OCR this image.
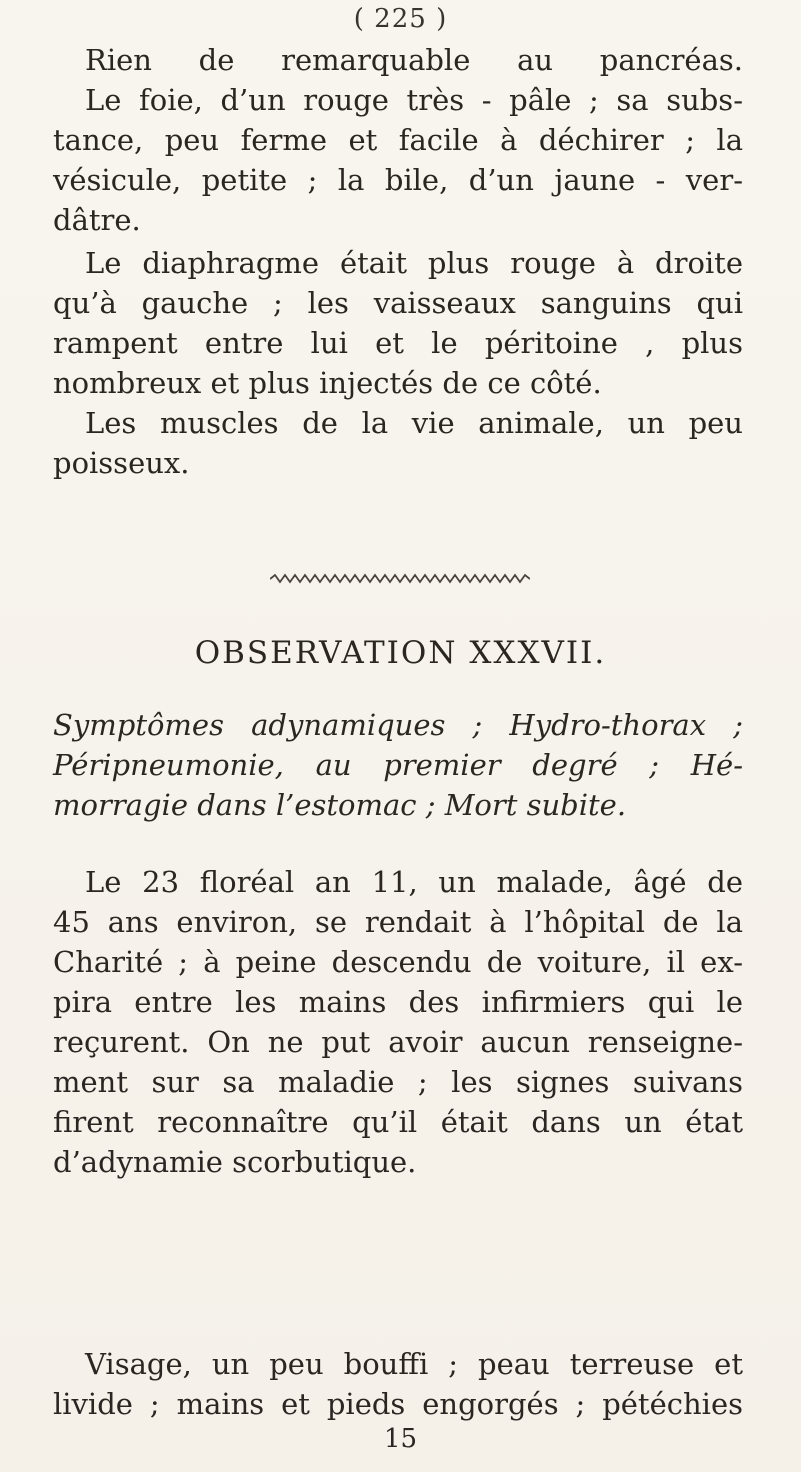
( 225 )
Rien de remarquable au pancréas.
Le foie, d’un rouge très - pâle ; sa subs-
tance, peu ferme et facile à déchirer ; la
vésicule, petite ; la bile, d’un jaune - ver-
dâtre.
Le diaphragme était plus rouge à droite
qu’à gauche ; les vaisseaux sanguins qui
rampent entre lui et le péritoine , plus
nombreux et plus injectés de ce côté.
Les muscles de la vie animale, un peu
poisseux.
OBSERVATION XXXVII.
Symptômes adynamiques ; Hydro-thorax ;
Péripneumonie, au premier degré ; Hé-
morragie dans l’estomac ; Mort subite.
Le 23 floréal an 11, un malade, âgé de
45 ans environ, se rendait à l’hôpital de la
Charité ; à peine descendu de voiture, il ex-
pira entre les mains des infirmiers qui le
reçurent. On ne put avoir aucun renseigne-
ment sur sa maladie ; les signes suivans
firent reconnaître qu’il était dans un état
d’adynamie scorbutique.
Visage, un peu bouffi ; peau terreuse et
livide ; mains et pieds engorgés ; pétéchies
15
